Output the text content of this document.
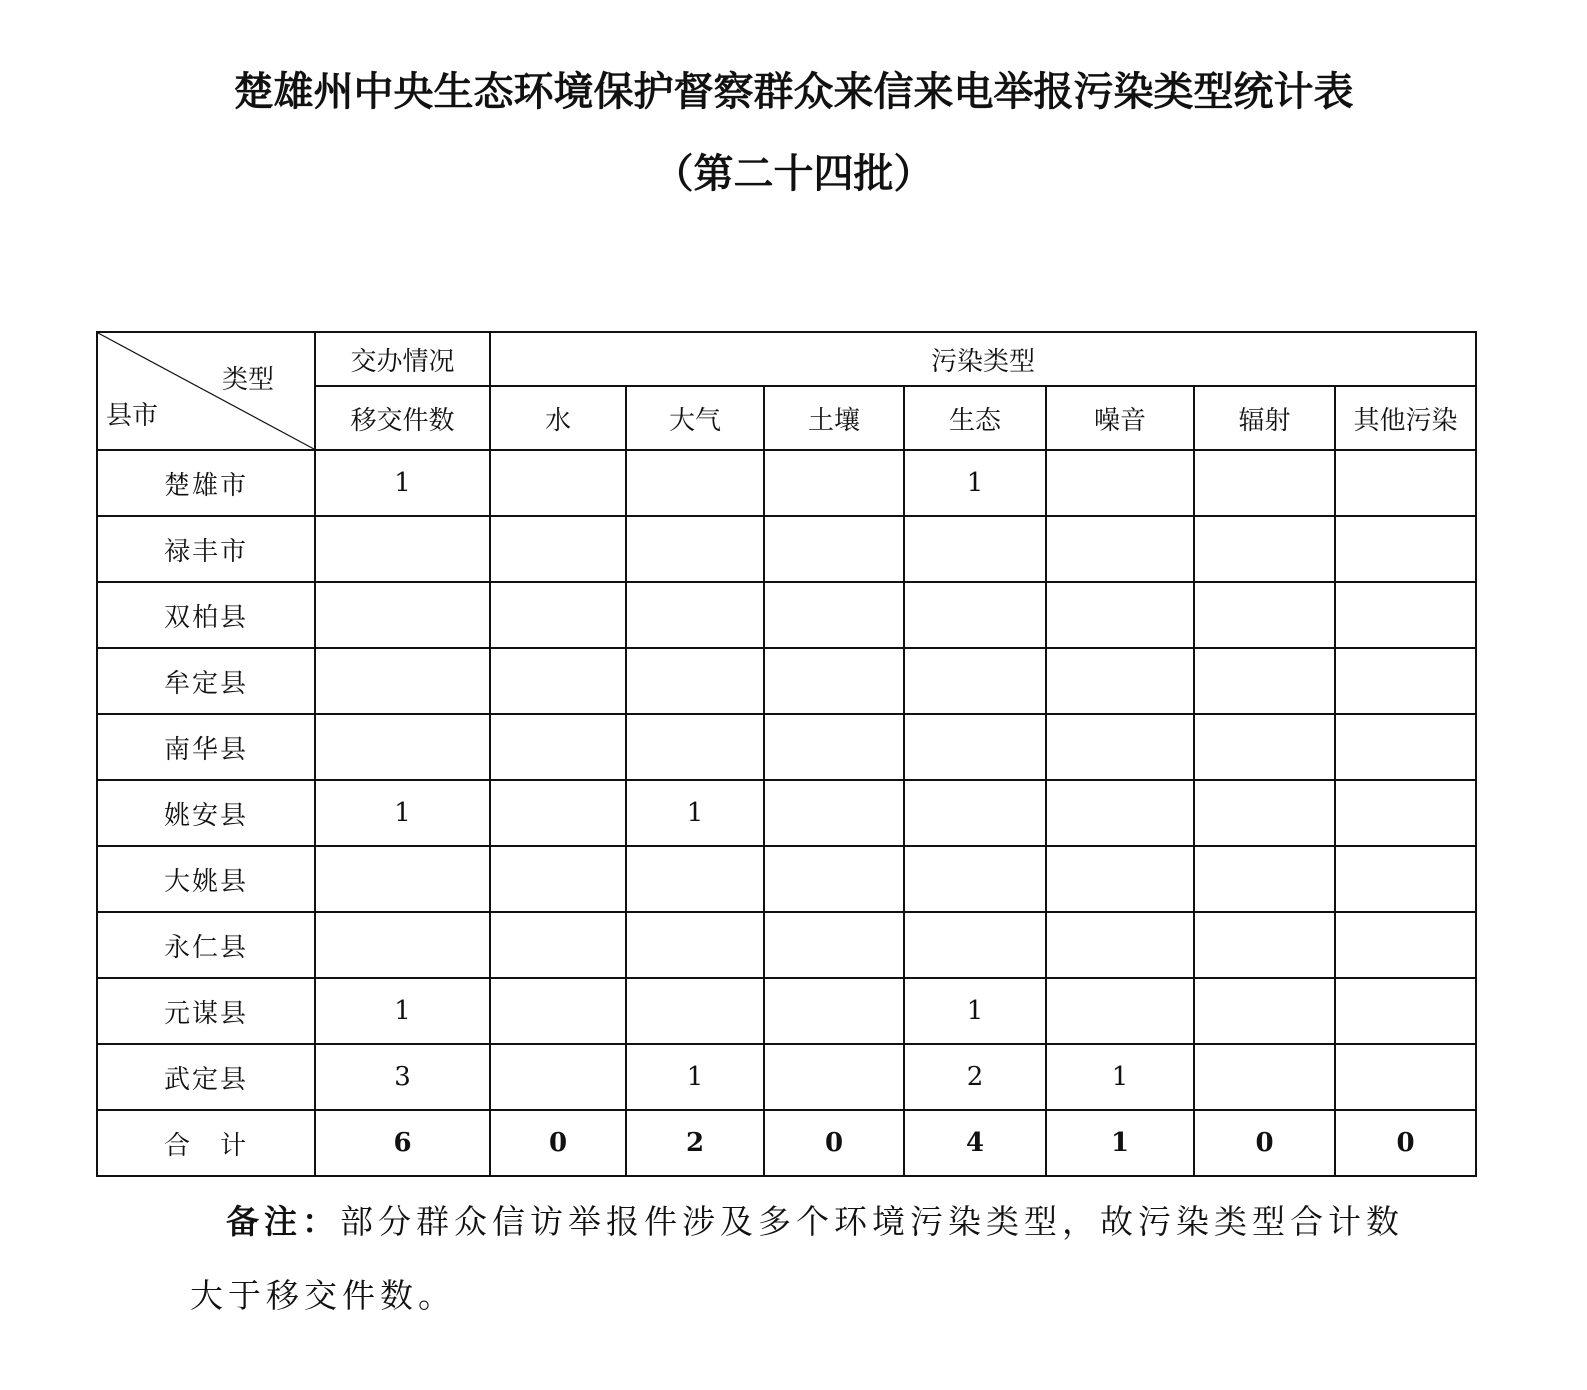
楚雄州中央生态环境保护督察群众来信来电举报污染类型统计表
（第二十四批）
类型
县市	交办情况	污染类型						
	移交件数	水	大气	土壤	生态	噪音	辐射	其他污染
楚雄市	1				1			
禄丰市								
双柏县								
牟定县								
南华县								
姚安县	1		1					
大姚县								
永仁县								
元谋县	1				1			
武定县	3		1		2	1		
合　计	6	0	2	0	4	1	0	0

备注：部分群众信访举报件涉及多个环境污染类型，故污染类型合计数

大于移交件数。
